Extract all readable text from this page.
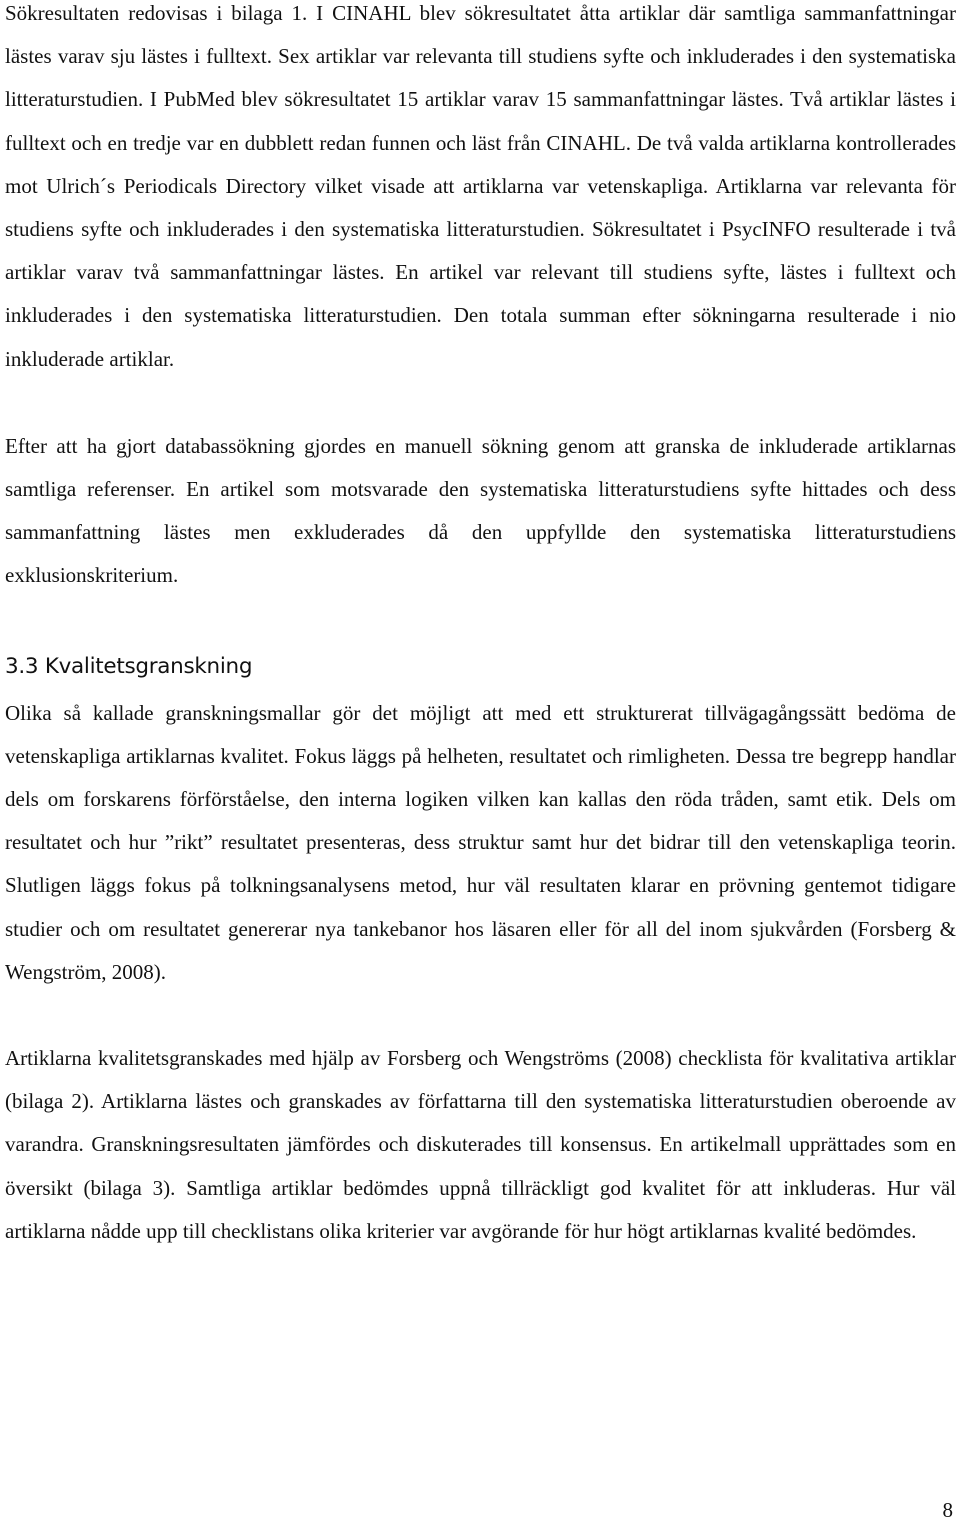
Sökresultaten redovisas i bilaga 1. I CINAHL blev sökresultatet åtta artiklar där samtliga sammanfattningar lästes varav sju lästes i fulltext. Sex artiklar var relevanta till studiens syfte och inkluderades i den systematiska litteraturstudien. I PubMed blev sökresultatet 15 artiklar varav 15 sammanfattningar lästes. Två artiklar lästes i fulltext och en tredje var en dubblett redan funnen och läst från CINAHL. De två valda artiklarna kontrollerades mot Ulrich´s Periodicals Directory vilket visade att artiklarna var vetenskapliga. Artiklarna var relevanta för studiens syfte och inkluderades i den systematiska litteraturstudien. Sökresultatet i PsycINFO resulterade i två artiklar varav två sammanfattningar lästes. En artikel var relevant till studiens syfte, lästes i fulltext och inkluderades i den systematiska litteraturstudien. Den totala summan efter sökningarna resulterade i nio inkluderade artiklar.

Efter att ha gjort databassökning gjordes en manuell sökning genom att granska de inkluderade artiklarnas samtliga referenser. En artikel som motsvarade den systematiska litteraturstudiens syfte hittades och dess sammanfattning lästes men exkluderades då den uppfyllde den systematiska litteraturstudiens exklusionskriterium.

3.3 Kvalitetsgranskning

Olika så kallade granskningsmallar gör det möjligt att med ett strukturerat tillvägagångssätt bedöma de vetenskapliga artiklarnas kvalitet. Fokus läggs på helheten, resultatet och rimligheten. Dessa tre begrepp handlar dels om forskarens förförståelse, den interna logiken vilken kan kallas den röda tråden, samt etik. Dels om resultatet och hur ”rikt” resultatet presenteras, dess struktur samt hur det bidrar till den vetenskapliga teorin. Slutligen läggs fokus på tolkningsanalysens metod, hur väl resultaten klarar en prövning gentemot tidigare studier och om resultatet genererar nya tankebanor hos läsaren eller för all del inom sjukvården (Forsberg & Wengström, 2008).

Artiklarna kvalitetsgranskades med hjälp av Forsberg och Wengströms (2008) checklista för kvalitativa artiklar (bilaga 2). Artiklarna lästes och granskades av författarna till den systematiska litteraturstudien oberoende av varandra. Granskningsresultaten jämfördes och diskuterades till konsensus. En artikelmall upprättades som en översikt (bilaga 3). Samtliga artiklar bedömdes uppnå tillräckligt god kvalitet för att inkluderas. Hur väl artiklarna nådde upp till checklistans olika kriterier var avgörande för hur högt artiklarnas kvalité bedömdes.

8
